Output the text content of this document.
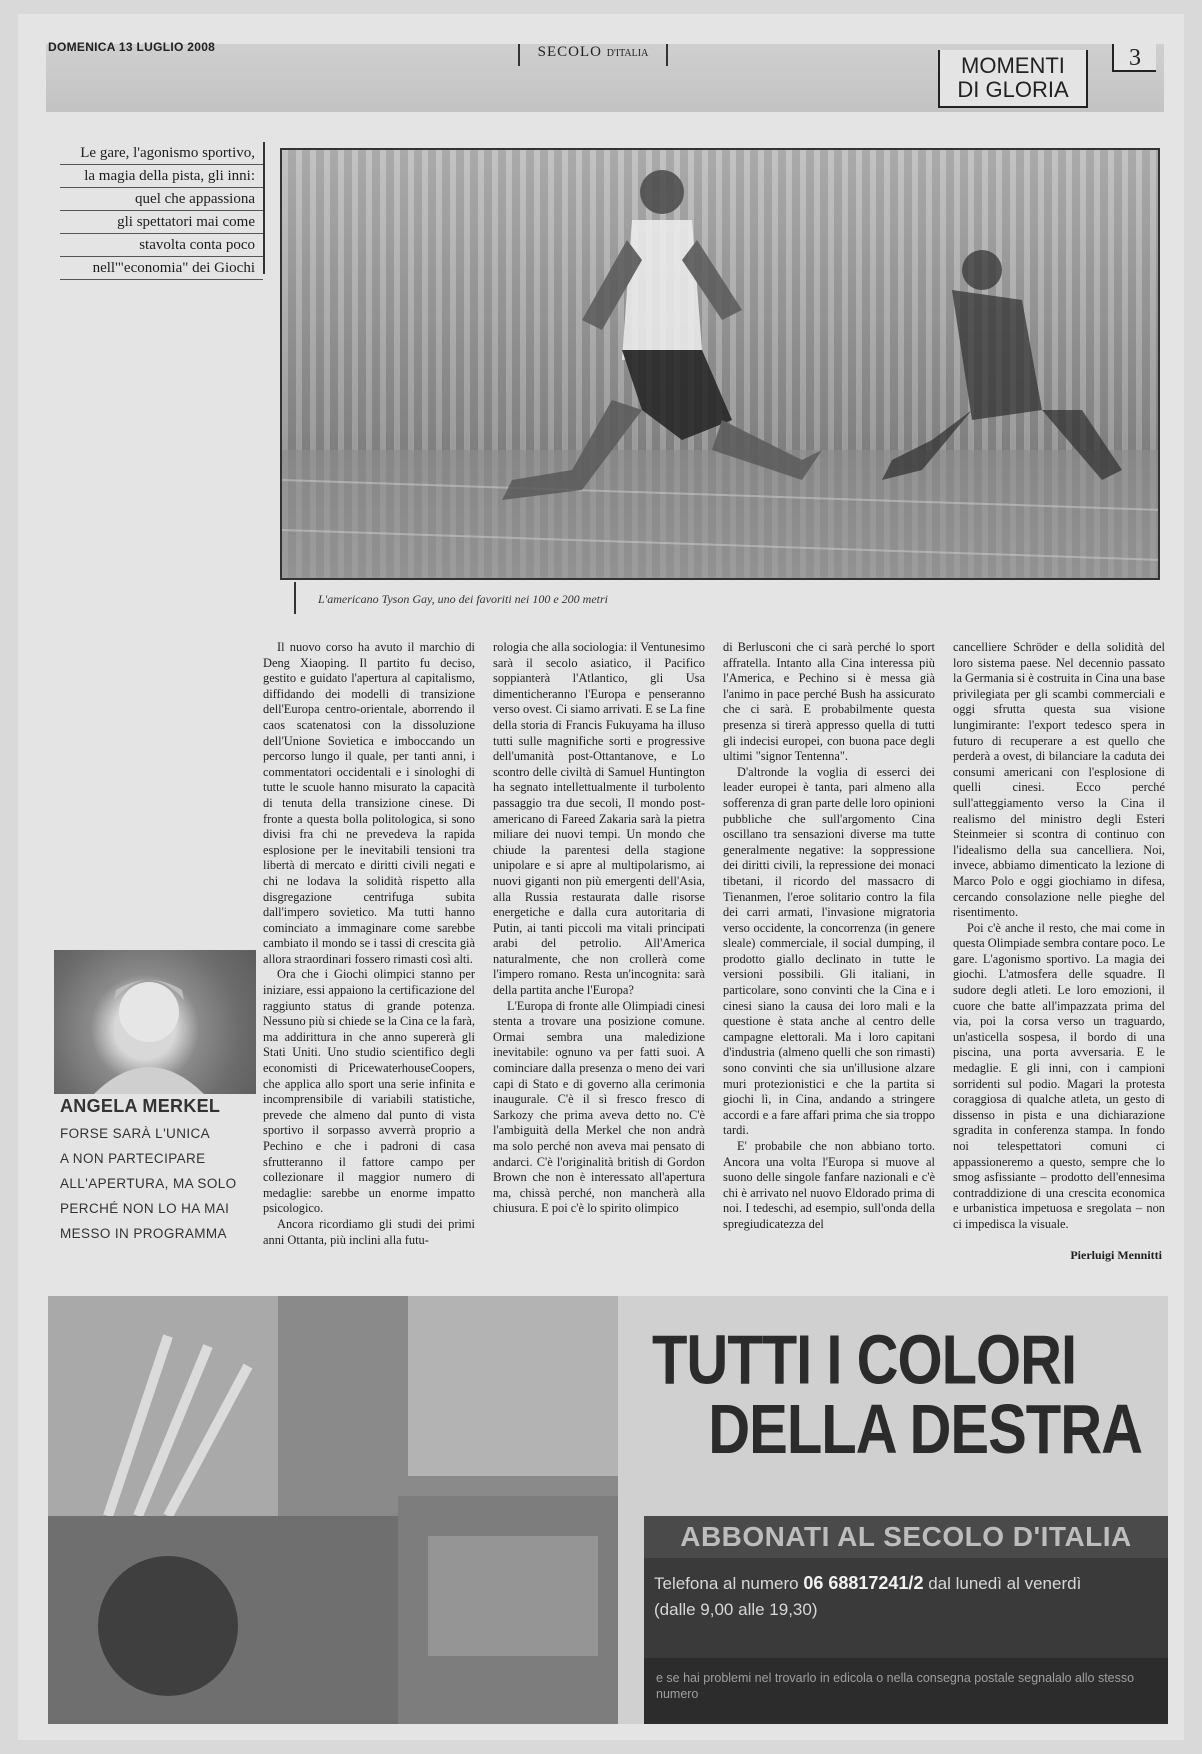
DOMENICA 13 LUGLIO 2008	SECOLO D'ITALIA	MOMENTI
DI GLORIA
3
Le gare, l'agonismo sportivo,
la magia della pista, gli inni:
quel che appassiona
gli spettatori mai come
stavolta conta poco
nell'"economia" dei Giochi
L'americano Tyson Gay, uno dei favoriti nei 100 e 200 metri

Il nuovo corso ha avuto il marchio di Deng Xiaoping. Il partito fu deciso, gestito e guidato l'apertura al capitalismo, diffidando dei modelli di transizione dell'Europa centro-orientale, aborrendo il caos scatenatosi con la dissoluzione dell'Unione Sovietica e imboccando un percorso lungo il quale, per tanti anni, i commentatori occidentali e i sinologhi di tutte le scuole hanno misurato la capacità di tenuta della transizione cinese. Di fronte a questa bolla politologica, si sono divisi fra chi ne prevedeva la rapida esplosione per le inevitabili tensioni tra libertà di mercato e diritti civili negati e chi ne lodava la solidità rispetto alla disgregazione centrifuga subita dall'impero sovietico. Ma tutti hanno cominciato a immaginare come sarebbe cambiato il mondo se i tassi di crescita già allora straordinari fossero rimasti così alti.

Ora che i Giochi olimpici stanno per iniziare, essi appaiono la certificazione del raggiunto status di grande potenza. Nessuno più si chiede se la Cina ce la farà, ma addirittura in che anno supererà gli Stati Uniti. Uno studio scientifico degli economisti di PricewaterhouseCoopers, che applica allo sport una serie infinita e incomprensibile di variabili statistiche, prevede che almeno dal punto di vista sportivo il sorpasso avverrà proprio a Pechino e che i padroni di casa sfrutteranno il fattore campo per collezionare il maggior numero di medaglie: sarebbe un enorme impatto psicologico.

Ancora ricordiamo gli studi dei primi anni Ottanta, più inclini alla futu-

rologia che alla sociologia: il Ventunesimo sarà il secolo asiatico, il Pacifico soppianterà l'Atlantico, gli Usa dimenticheranno l'Europa e penseranno verso ovest. Ci siamo arrivati. E se La fine della storia di Francis Fukuyama ha illuso tutti sulle magnifiche sorti e progressive dell'umanità post-Ottantanove, e Lo scontro delle civiltà di Samuel Huntington ha segnato intellettualmente il turbolento passaggio tra due secoli, Il mondo post-americano di Fareed Zakaria sarà la pietra miliare dei nuovi tempi. Un mondo che chiude la parentesi della stagione unipolare e si apre al multipolarismo, ai nuovi giganti non più emergenti dell'Asia, alla Russia restaurata dalle risorse energetiche e dalla cura autoritaria di Putin, ai tanti piccoli ma vitali principati arabi del petrolio. All'America naturalmente, che non crollerà come l'impero romano. Resta un'incognita: sarà della partita anche l'Europa?

L'Europa di fronte alle Olimpiadi cinesi stenta a trovare una posizione comune. Ormai sembra una maledizione inevitabile: ognuno va per fatti suoi. A cominciare dalla presenza o meno dei vari capi di Stato e di governo alla cerimonia inaugurale. C'è il sì fresco fresco di Sarkozy che prima aveva detto no. C'è l'ambiguità della Merkel che non andrà ma solo perché non aveva mai pensato di andarci. C'è l'originalità british di Gordon Brown che non è interessato all'apertura ma, chissà perché, non mancherà alla chiusura. E poi c'è lo spirito olimpico

di Berlusconi che ci sarà perché lo sport affratella. Intanto alla Cina interessa più l'America, e Pechino si è messa già l'animo in pace perché Bush ha assicurato che ci sarà. E probabilmente questa presenza si tirerà appresso quella di tutti gli indecisi europei, con buona pace degli ultimi "signor Tentenna".

D'altronde la voglia di esserci dei leader europei è tanta, pari almeno alla sofferenza di gran parte delle loro opinioni pubbliche che sull'argomento Cina oscillano tra sensazioni diverse ma tutte generalmente negative: la soppressione dei diritti civili, la repressione dei monaci tibetani, il ricordo del massacro di Tienanmen, l'eroe solitario contro la fila dei carri armati, l'invasione migratoria verso occidente, la concorrenza (in genere sleale) commerciale, il social dumping, il prodotto giallo declinato in tutte le versioni possibili. Gli italiani, in particolare, sono convinti che la Cina e i cinesi siano la causa dei loro mali e la questione è stata anche al centro delle campagne elettorali. Ma i loro capitani d'industria (almeno quelli che son rimasti) sono convinti che sia un'illusione alzare muri protezionistici e che la partita si giochi lì, in Cina, andando a stringere accordi e a fare affari prima che sia troppo tardi.

E' probabile che non abbiano torto. Ancora una volta l'Europa si muove al suono delle singole fanfare nazionali e c'è chi è arrivato nel nuovo Eldorado prima di noi. I tedeschi, ad esempio, sull'onda della spregiudicatezza del

cancelliere Schröder e della solidità del loro sistema paese. Nel decennio passato la Germania si è costruita in Cina una base privilegiata per gli scambi commerciali e oggi sfrutta questa sua visione lungimirante: l'export tedesco spera in futuro di recuperare a est quello che perderà a ovest, di bilanciare la caduta dei consumi americani con l'esplosione di quelli cinesi. Ecco perché sull'atteggiamento verso la Cina il realismo del ministro degli Esteri Steinmeier si scontra di continuo con l'idealismo della sua cancelliera. Noi, invece, abbiamo dimenticato la lezione di Marco Polo e oggi giochiamo in difesa, cercando consolazione nelle pieghe del risentimento.

Poi c'è anche il resto, che mai come in questa Olimpiade sembra contare poco. Le gare. L'agonismo sportivo. La magia dei giochi. L'atmosfera delle squadre. Il sudore degli atleti. Le loro emozioni, il cuore che batte all'impazzata prima del via, poi la corsa verso un traguardo, un'asticella sospesa, il bordo di una piscina, una porta avversaria. E le medaglie. E gli inni, con i campioni sorridenti sul podio. Magari la protesta coraggiosa di qualche atleta, un gesto di dissenso in pista e una dichiarazione sgradita in conferenza stampa. In fondo noi telespettatori comuni ci appassioneremo a questo, sempre che lo smog asfissiante – prodotto dell'ennesima contraddizione di una crescita economica e urbanistica impetuosa e sregolata – non ci impedisca la visuale.

Pierluigi Mennitti
ANGELA MERKEL
FORSE SARÀ L'UNICA
A NON PARTECIPARE
ALL'APERTURA, MA SOLO
PERCHÉ NON LO HA MAI
MESSO IN PROGRAMMA
TUTTI I COLORI
DELLA DESTRA
ABBONATI AL SECOLO D'ITALIA
Telefona al numero 06 68817241/2 dal lunedì al venerdì
(dalle 9,00 alle 19,30)
e se hai problemi nel trovarlo in edicola o nella consegna postale segnalalo allo stesso numero
